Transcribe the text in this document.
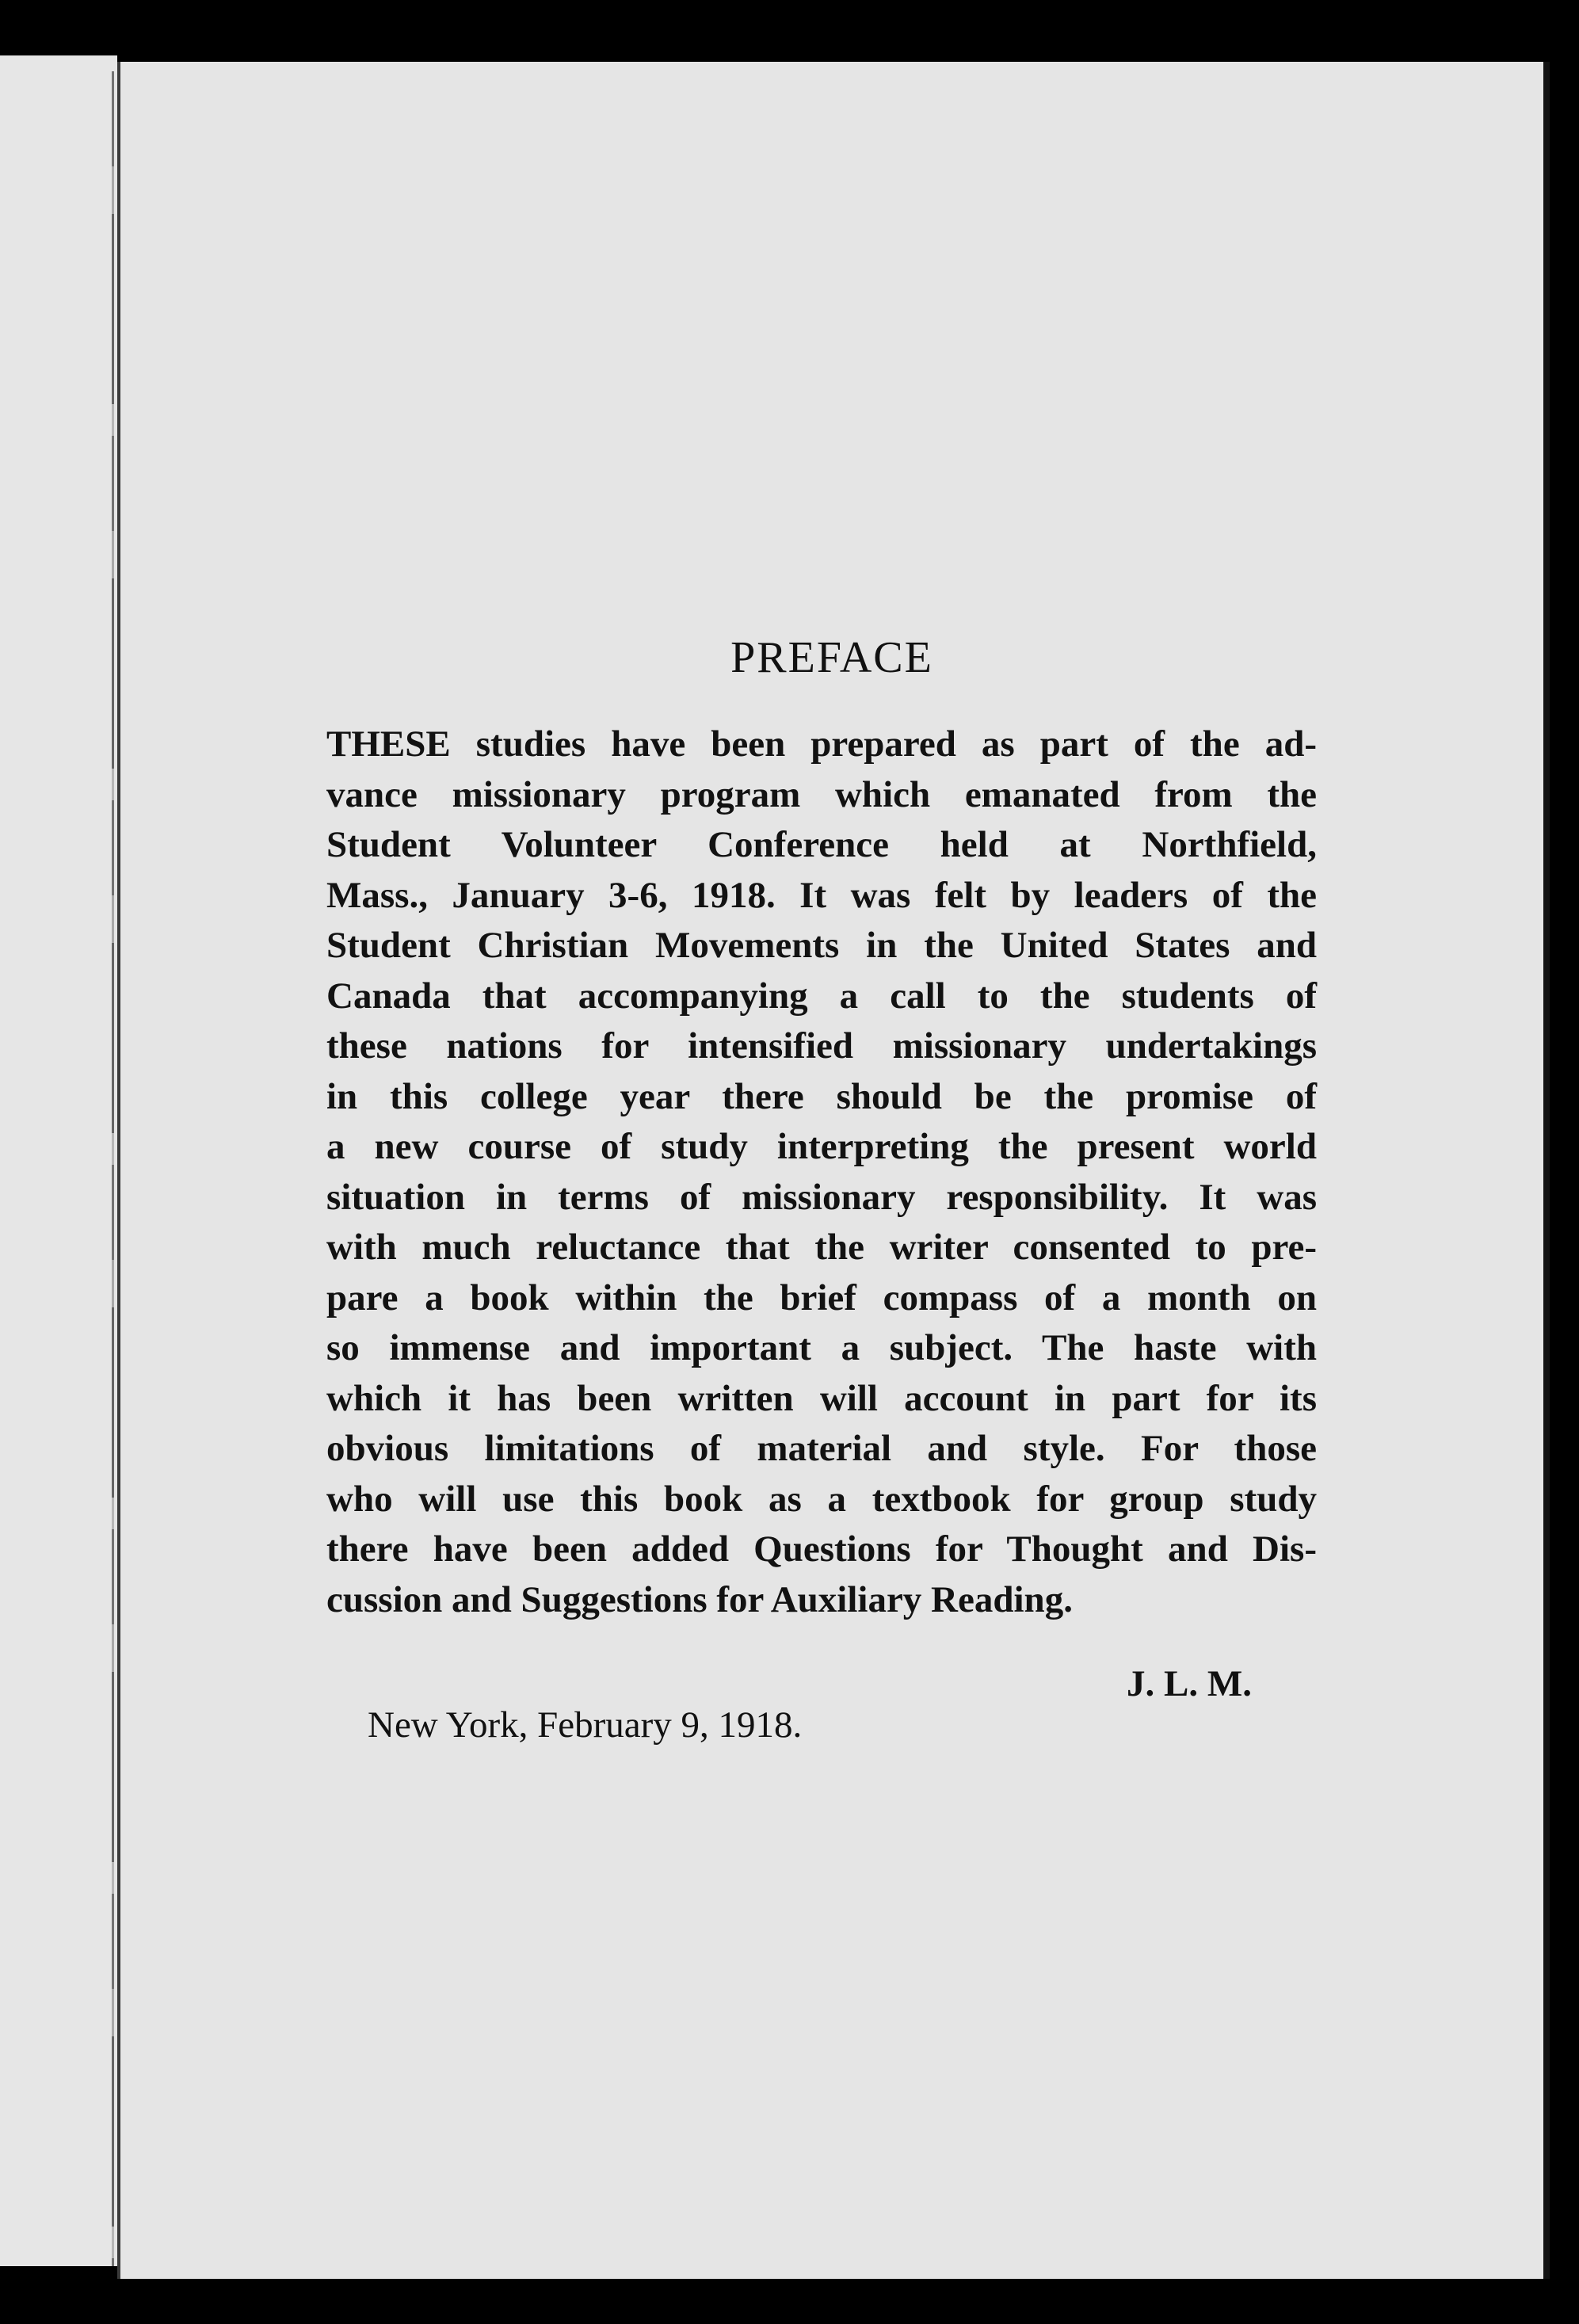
PREFACE
THESE studies have been prepared as part of the ad-
vance missionary program which emanated from the
Student Volunteer Conference held at Northfield,
Mass., January 3-6, 1918. It was felt by leaders of the
Student Christian Movements in the United States and
Canada that accompanying a call to the students of
these nations for intensified missionary undertakings
in this college year there should be the promise of
a new course of study interpreting the present world
situation in terms of missionary responsibility. It was
with much reluctance that the writer consented to pre-
pare a book within the brief compass of a month on
so immense and important a subject. The haste with
which it has been written will account in part for its
obvious limitations of material and style. For those
who will use this book as a textbook for group study
there have been added Questions for Thought and Dis-
cussion and Suggestions for Auxiliary Reading.
J. L. M.
New York, February 9, 1918.
